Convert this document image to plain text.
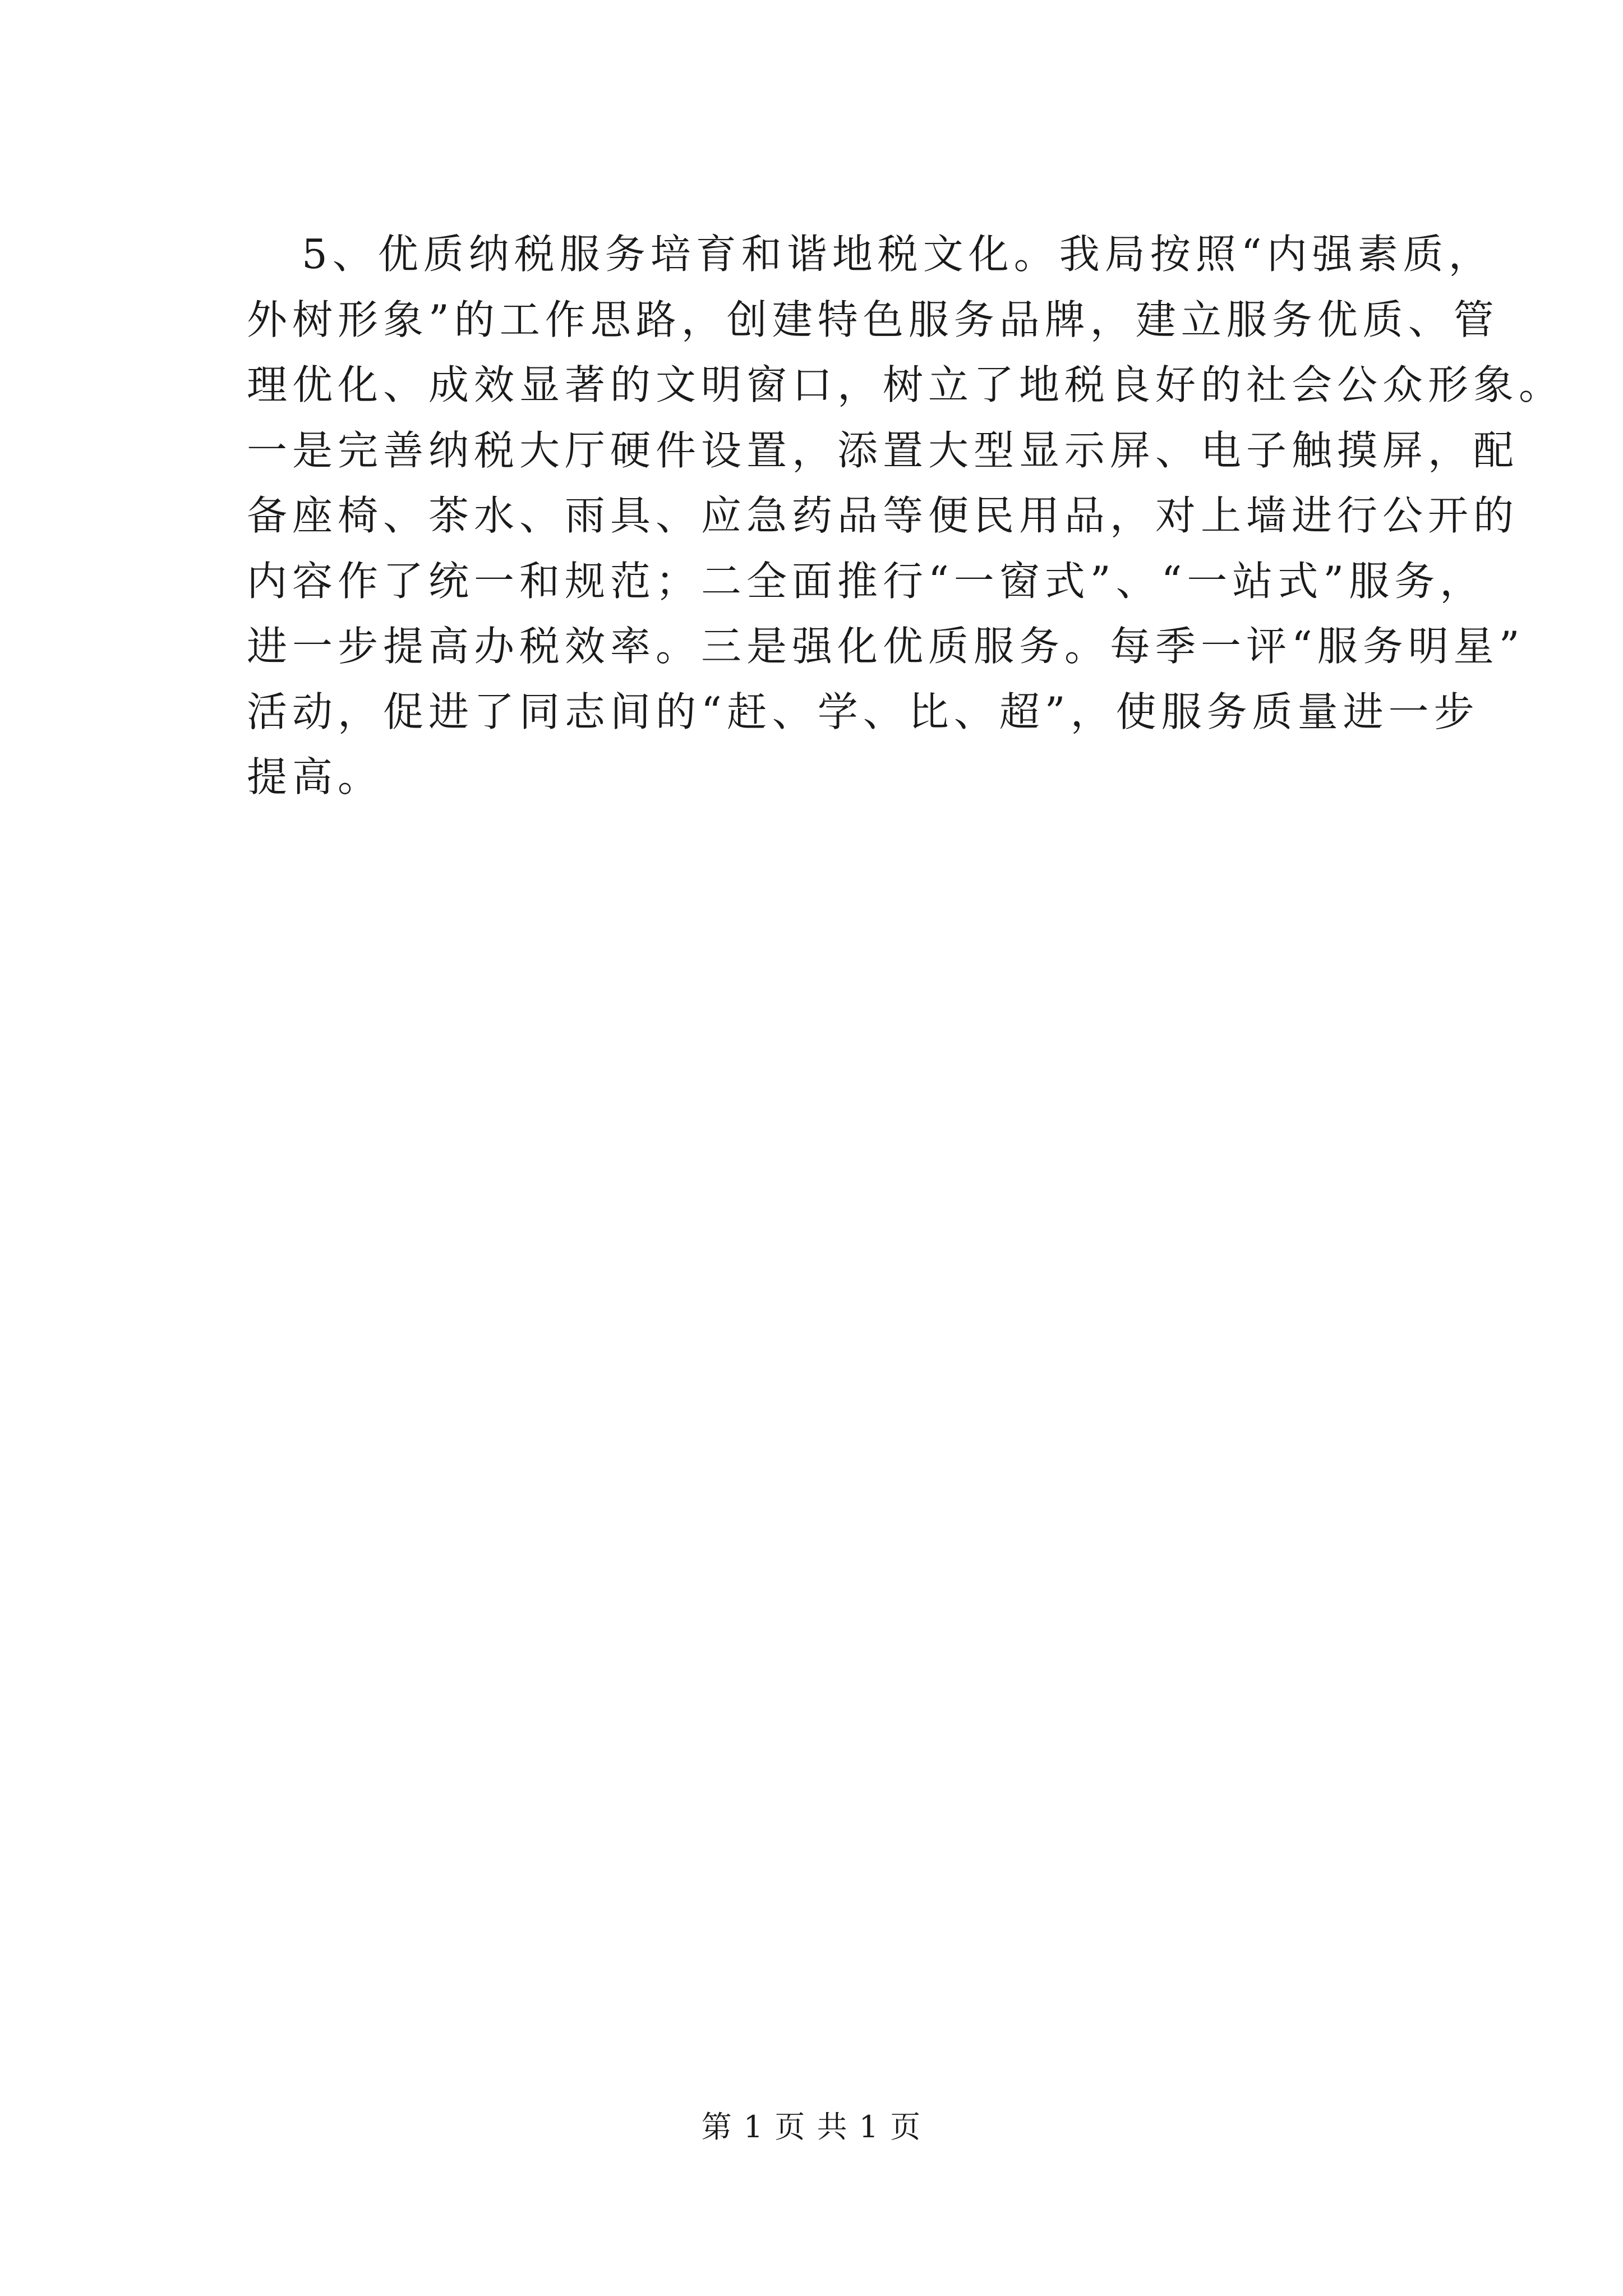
5、优质纳税服务培育和谐地税文化。我局按照“内强素质，
外树形象”的工作思路，创建特色服务品牌，建立服务优质、管
理优化、成效显著的文明窗口，树立了地税良好的社会公众形象。
一是完善纳税大厅硬件设置，添置大型显示屏、电子触摸屏，配
备座椅、茶水、雨具、应急药品等便民用品，对上墙进行公开的
内容作了统一和规范；二全面推行“一窗式”、“一站式”服务，
进一步提高办税效率。三是强化优质服务。每季一评“服务明星”
活动，促进了同志间的“赶、学、比、超”，使服务质量进一步
提高。
第 1 页 共 1 页
